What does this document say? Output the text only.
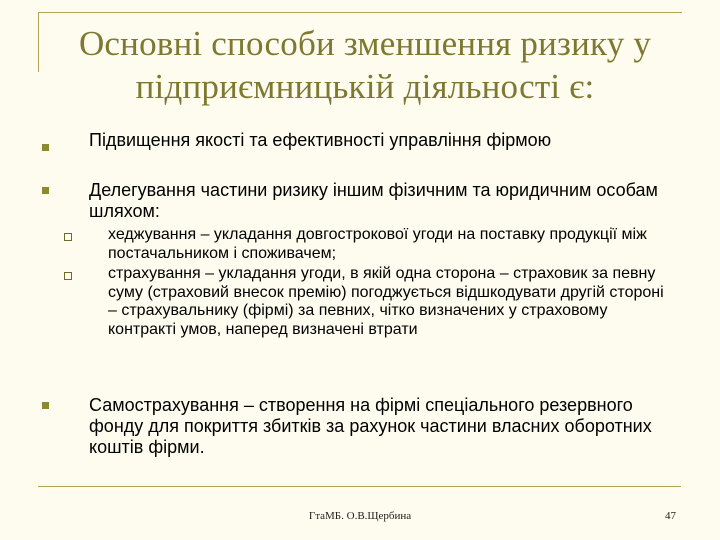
Основні способи зменшення ризику у підприємницькій діяльності є:
Підвищення якості та ефективності управління фірмою
Делегування частини ризику іншим фізичним та юридичним особам шляхом:
хеджування – укладання довгострокової угоди на поставку продукції між постачальником і споживачем;
страхування – укладання угоди, в якій одна сторона – страховик за певну суму (страховий внесок премію) погоджується відшкодувати другій стороні – страхувальнику (фірмі) за певних, чітко визначених у страховому контракті умов, наперед визначені втрати
Самострахування – створення на фірмі спеціального резервного фонду для покриття збитків за рахунок частини власних оборотних коштів фірми.
ГтаМБ. О.В.Щербина	47
